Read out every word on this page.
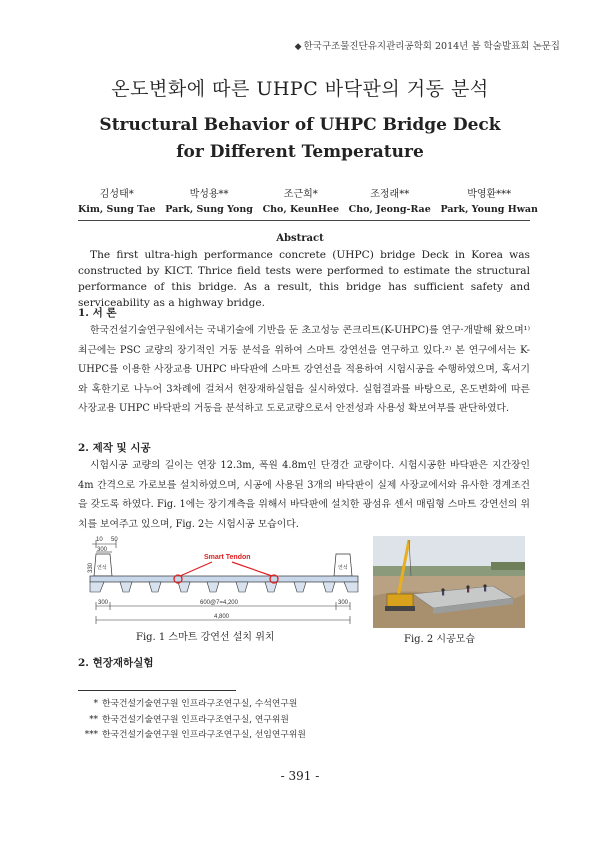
◆ 한국구조물진단유지관리공학회 2014년 봄 학술발표회 논문집
온도변화에 따른 UHPC 바닥판의 거동 분석
Structural Behavior of UHPC Bridge Deck
for Different Temperature
김성태*
Kim, Sung Tae
박성용**
Park, Sung Yong
조근희*
Cho, KeunHee
조정래**
Cho, Jeong-Rae
박영환***
Park, Young Hwan
Abstract
The first ultra-high performance concrete (UHPC) bridge Deck in Korea was constructed by KICT. Thrice field tests were performed to estimate the structural performance of this bridge. As a result, this bridge has sufficient safety and serviceability as a highway bridge.
1. 서 론
한국건설기술연구원에서는 국내기술에 기반을 둔 초고성능 콘크리트(K-UHPC)를 연구·개발해 왔으며¹⁾ 최근에는 PSC 교량의 장기적인 거동 분석을 위하여 스마트 강연선을 연구하고 있다.²⁾ 본 연구에서는 K-UHPC를 이용한 사장교용 UHPC 바닥판에 스마트 강연선을 적용하여 시험시공을 수행하였으며, 혹서기와 혹한기로 나누어 3차례에 걸쳐서 현장재하실험을 실시하였다. 실험결과를 바탕으로, 온도변화에 따른 사장교용 UHPC 바닥판의 거동을 분석하고 도로교량으로서 안전성과 사용성 확보여부를 판단하였다.
2. 제작 및 시공
시험시공 교량의 길이는 연장 12.3m, 폭원 4.8m인 단경간 교량이다. 시험시공한 바닥판은 지간장인 4m 간격으로 가로보를 설치하였으며, 시공에 사용된 3개의 바닥판이 실제 사장교에서와 유사한 경계조건을 갖도록 하였다. Fig. 1에는 장기계측을 위해서 바닥판에 설치한 광섬유 센서 매립형 스마트 강연선의 위치를 보여주고 있으며, Fig. 2는 시험시공 모습이다.
10 50
300
330 연석	연석
Smart Tendon
300	600@7=4,200	300
4,800
Fig. 1 스마트 강연선 설치 위치	Fig. 2 시공모습
2. 현장재하실험
* 한국건설기술연구원 인프라구조연구실, 수석연구원
** 한국건설기술연구원 인프라구조연구실, 연구위원
*** 한국건설기술연구원 인프라구조연구실, 선임연구위원
- 391 -
